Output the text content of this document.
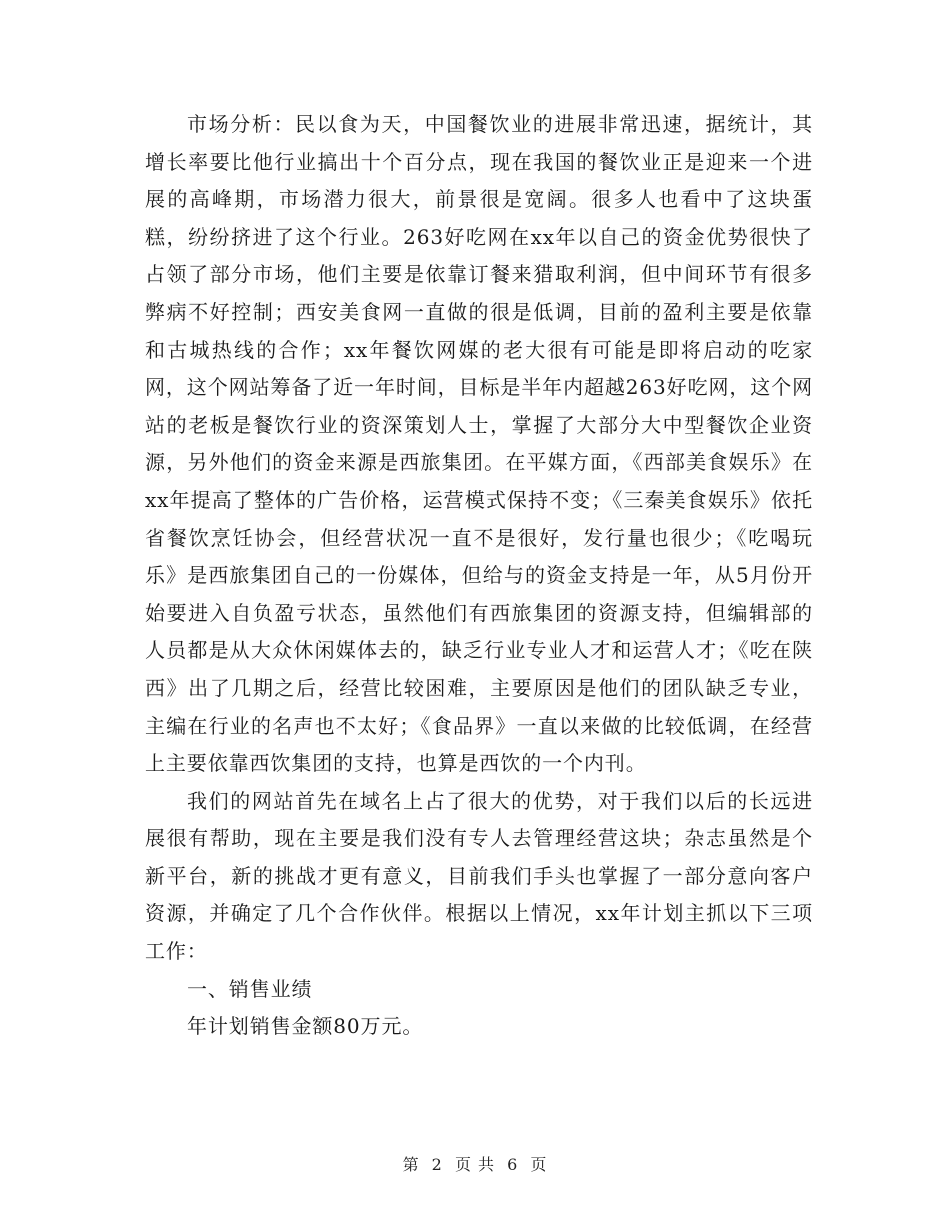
市场分析：民以食为天，中国餐饮业的进展非常迅速，据统计，其增长率要比他行业搞出十个百分点，现在我国的餐饮业正是迎来一个进展的高峰期，市场潜力很大，前景很是宽阔。很多人也看中了这块蛋糕，纷纷挤进了这个行业。263好吃网在xx年以自己的资金优势很快了占领了部分市场，他们主要是依靠订餐来猎取利润，但中间环节有很多弊病不好控制；西安美食网一直做的很是低调，目前的盈利主要是依靠和古城热线的合作；xx年餐饮网媒的老大很有可能是即将启动的吃家网，这个网站筹备了近一年时间，目标是半年内超越263好吃网，这个网站的老板是餐饮行业的资深策划人士，掌握了大部分大中型餐饮企业资源，另外他们的资金来源是西旅集团。在平媒方面，《西部美食娱乐》在xx年提高了整体的广告价格，运营模式保持不变；《三秦美食娱乐》依托省餐饮烹饪协会，但经营状况一直不是很好，发行量也很少；《吃喝玩乐》是西旅集团自己的一份媒体，但给与的资金支持是一年，从5月份开始要进入自负盈亏状态，虽然他们有西旅集团的资源支持，但编辑部的人员都是从大众休闲媒体去的，缺乏行业专业人才和运营人才；《吃在陕西》出了几期之后，经营比较困难，主要原因是他们的团队缺乏专业，主编在行业的名声也不太好；《食品界》一直以来做的比较低调，在经营上主要依靠西饮集团的支持，也算是西饮的一个内刊。

我们的网站首先在域名上占了很大的优势，对于我们以后的长远进展很有帮助，现在主要是我们没有专人去管理经营这块；杂志虽然是个新平台，新的挑战才更有意义，目前我们手头也掌握了一部分意向客户资源，并确定了几个合作伙伴。根据以上情况，xx年计划主抓以下三项工作：

一、销售业绩

年计划销售金额80万元。

第 2 页 共 6 页
